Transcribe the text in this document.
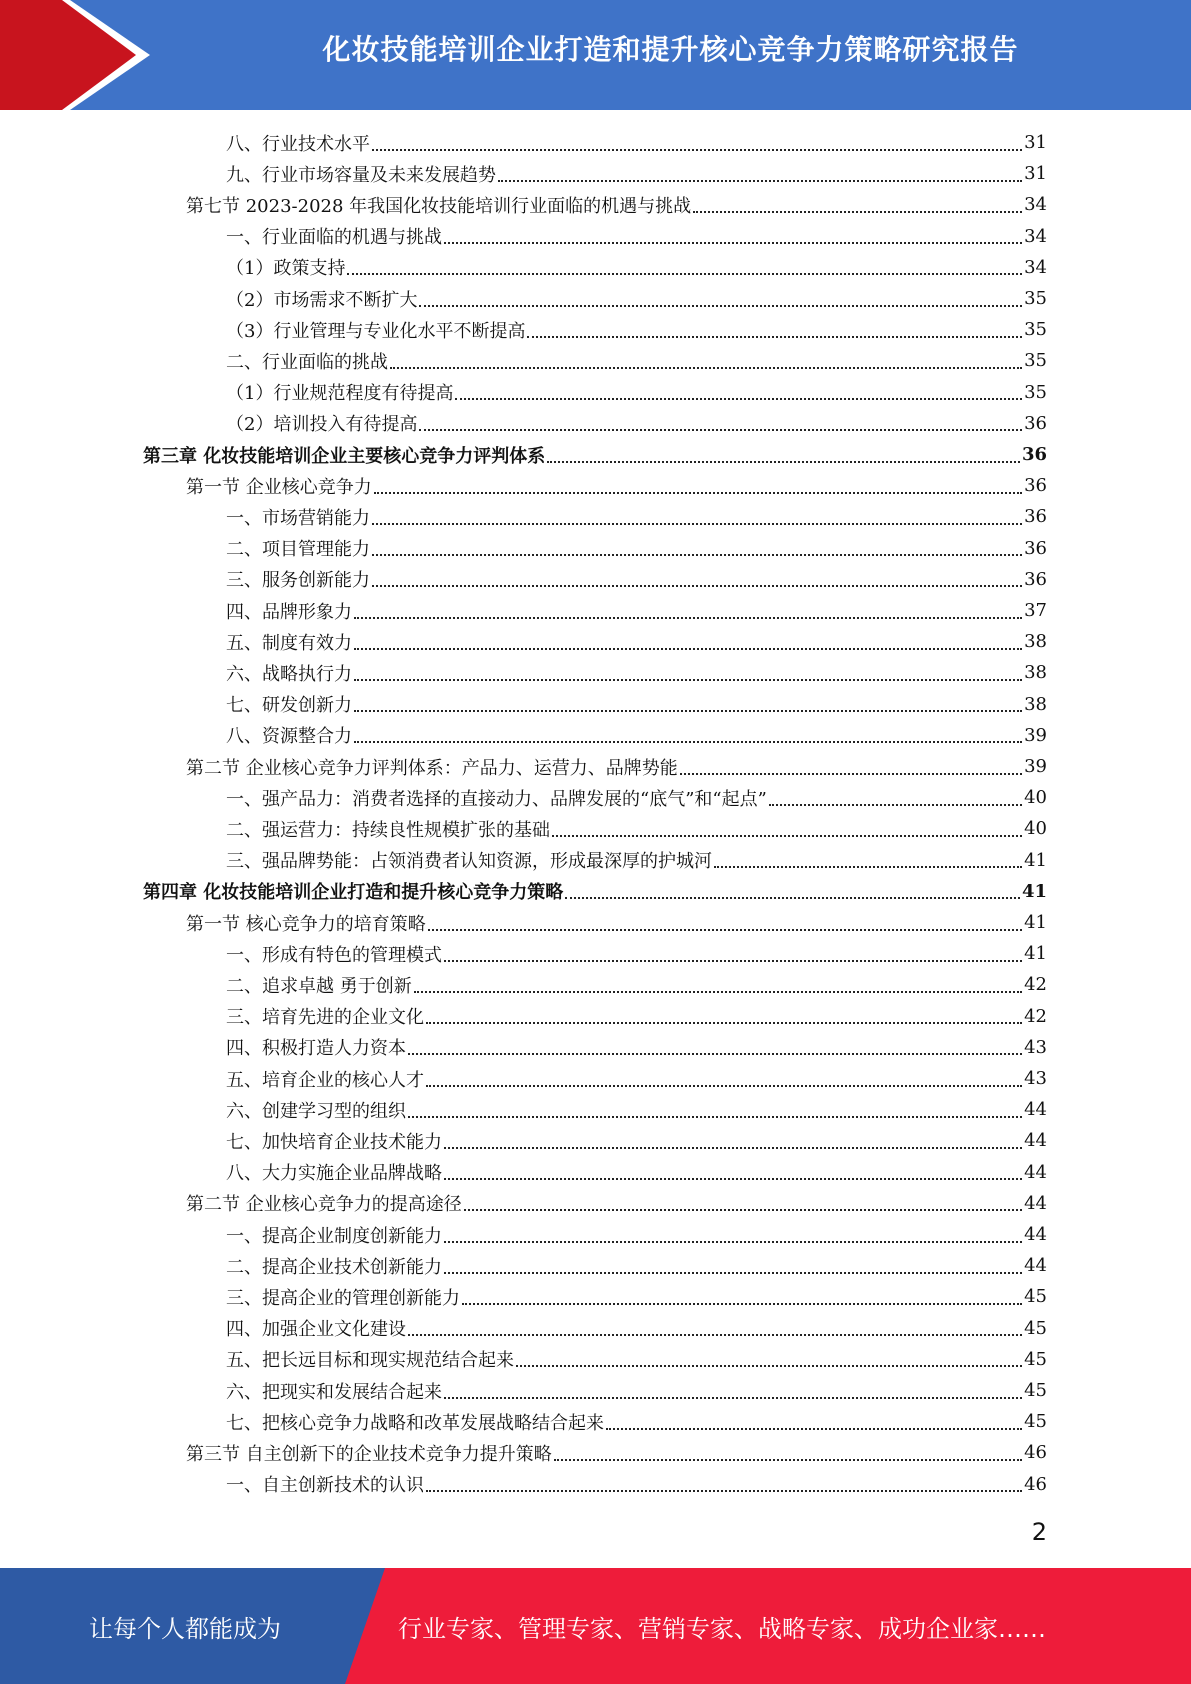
化妆技能培训企业打造和提升核心竞争力策略研究报告
八、行业技术水平	31
九、行业市场容量及未来发展趋势	31
第七节 2023-2028 年我国化妆技能培训行业面临的机遇与挑战	34
一、行业面临的机遇与挑战	34
（1）政策支持	34
（2）市场需求不断扩大	35
（3）行业管理与专业化水平不断提高	35
二、行业面临的挑战	35
（1）行业规范程度有待提高	35
（2）培训投入有待提高	36
第三章 化妆技能培训企业主要核心竞争力评判体系	36
第一节 企业核心竞争力	36
一、市场营销能力	36
二、项目管理能力	36
三、服务创新能力	36
四、品牌形象力	37
五、制度有效力	38
六、战略执行力	38
七、研发创新力	38
八、资源整合力	39
第二节 企业核心竞争力评判体系：产品力、运营力、品牌势能	39
一、强产品力：消费者选择的直接动力、品牌发展的“底气”和“起点”	40
二、强运营力：持续良性规模扩张的基础	40
三、强品牌势能：占领消费者认知资源，形成最深厚的护城河	41
第四章 化妆技能培训企业打造和提升核心竞争力策略	41
第一节 核心竞争力的培育策略	41
一、形成有特色的管理模式	41
二、追求卓越 勇于创新	42
三、培育先进的企业文化	42
四、积极打造人力资本	43
五、培育企业的核心人才	43
六、创建学习型的组织	44
七、加快培育企业技术能力	44
八、大力实施企业品牌战略	44
第二节 企业核心竞争力的提高途径	44
一、提高企业制度创新能力	44
二、提高企业技术创新能力	44
三、提高企业的管理创新能力	45
四、加强企业文化建设	45
五、把长远目标和现实规范结合起来	45
六、把现实和发展结合起来	45
七、把核心竞争力战略和改革发展战略结合起来	45
第三节 自主创新下的企业技术竞争力提升策略	46
一、自主创新技术的认识	46
2
让每个人都能成为	行业专家、管理专家、营销专家、战略专家、成功企业家……
